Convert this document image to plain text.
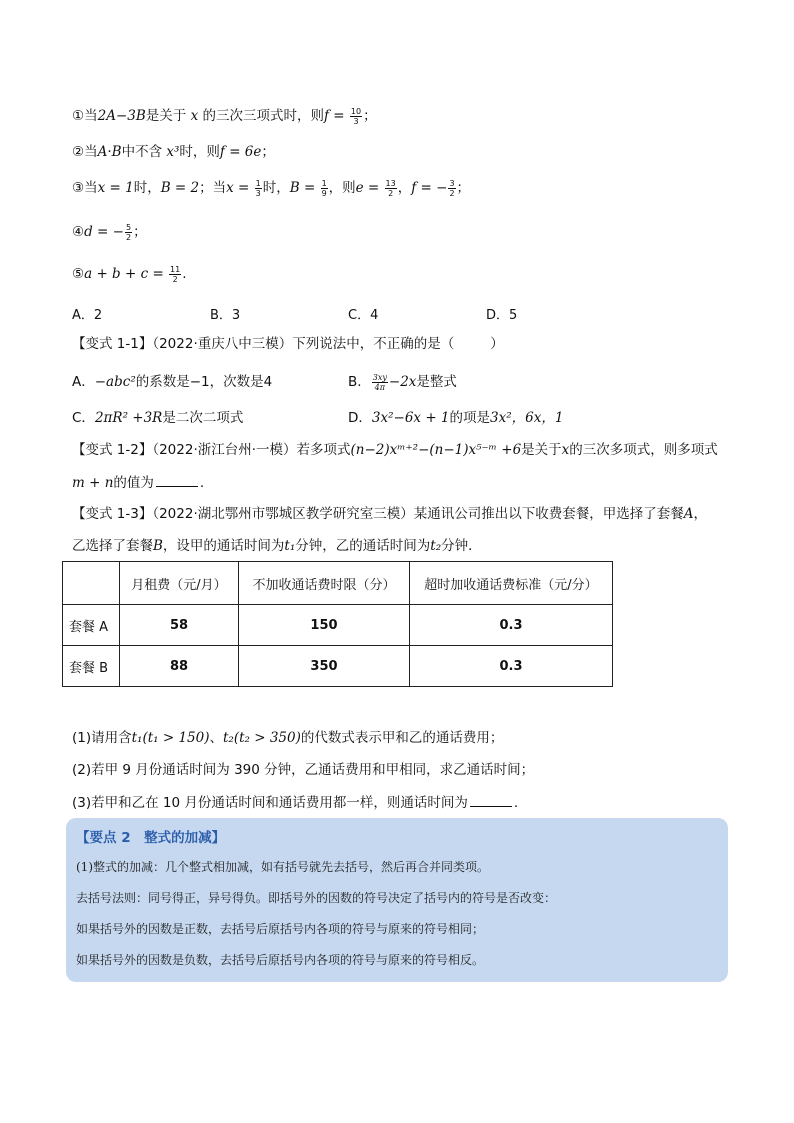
①当2A−3B是关于 x 的三次三项式时，则$f = \frac{10}{3}$ ；
②当A·B中不含 x³时，则f = 6e；
③当x = 1时，B = 2；当$x = \frac{1}{3}$ 时，$B = \frac{1}{9}$ ，则$e = \frac{13}{2}$ ，f = − $\frac{3}{2}$ ；
④d = − $\frac{5}{2}$ ；
⑤a + $b + c = \frac{11}{2}$ .
A．2	B．3	C．4	D．5
【变式 1-1】（2022·重庆八中三模）下列说法中，不正确的是（	）
A．−abc²的系数是−1，次数是4	B． $\frac{3xy}{4\pi} -2x$是整式
C．2πR² +3R是二次二项式	D．3x²−6x + 1的项是3x²，6x，1
【变式 1-2】（2022·浙江台州·一模）若多项式(n−2)xᵐ⁺²−(n−1)x⁵⁻ᵐ +6是关于x的三次多项式，则多项式
m + n的值为	.
【变式 1-3】（2022·湖北鄂州市鄂城区教学研究室三模）某通讯公司推出以下收费套餐，甲选择了套餐A，
乙选择了套餐B，设甲的通话时间为t₁分钟，乙的通话时间为t₂分钟．
	月租费（元/月）	不加收通话费时限（分）	超时加收通话费标准（元/分）
套餐 A	58	150	0.3
套餐 B	88	350	0.3
(1)请用含t₁(t₁ > 150)、t₂(t₂ > 350)的代数式表示甲和乙的通话费用；
(2)若甲 9 月份通话时间为 390 分钟，乙通话费用和甲相同，求乙通话时间；
(3)若甲和乙在 10 月份通话时间和通话费用都一样，则通话时间为	.
【要点 2　整式的加减】
(1)整式的加减：几个整式相加减，如有括号就先去括号，然后再合并同类项。
去括号法则：同号得正，异号得负。即括号外的因数的符号决定了括号内的符号是否改变：
如果括号外的因数是正数，去括号后原括号内各项的符号与原来的符号相同；
如果括号外的因数是负数，去括号后原括号内各项的符号与原来的符号相反。
